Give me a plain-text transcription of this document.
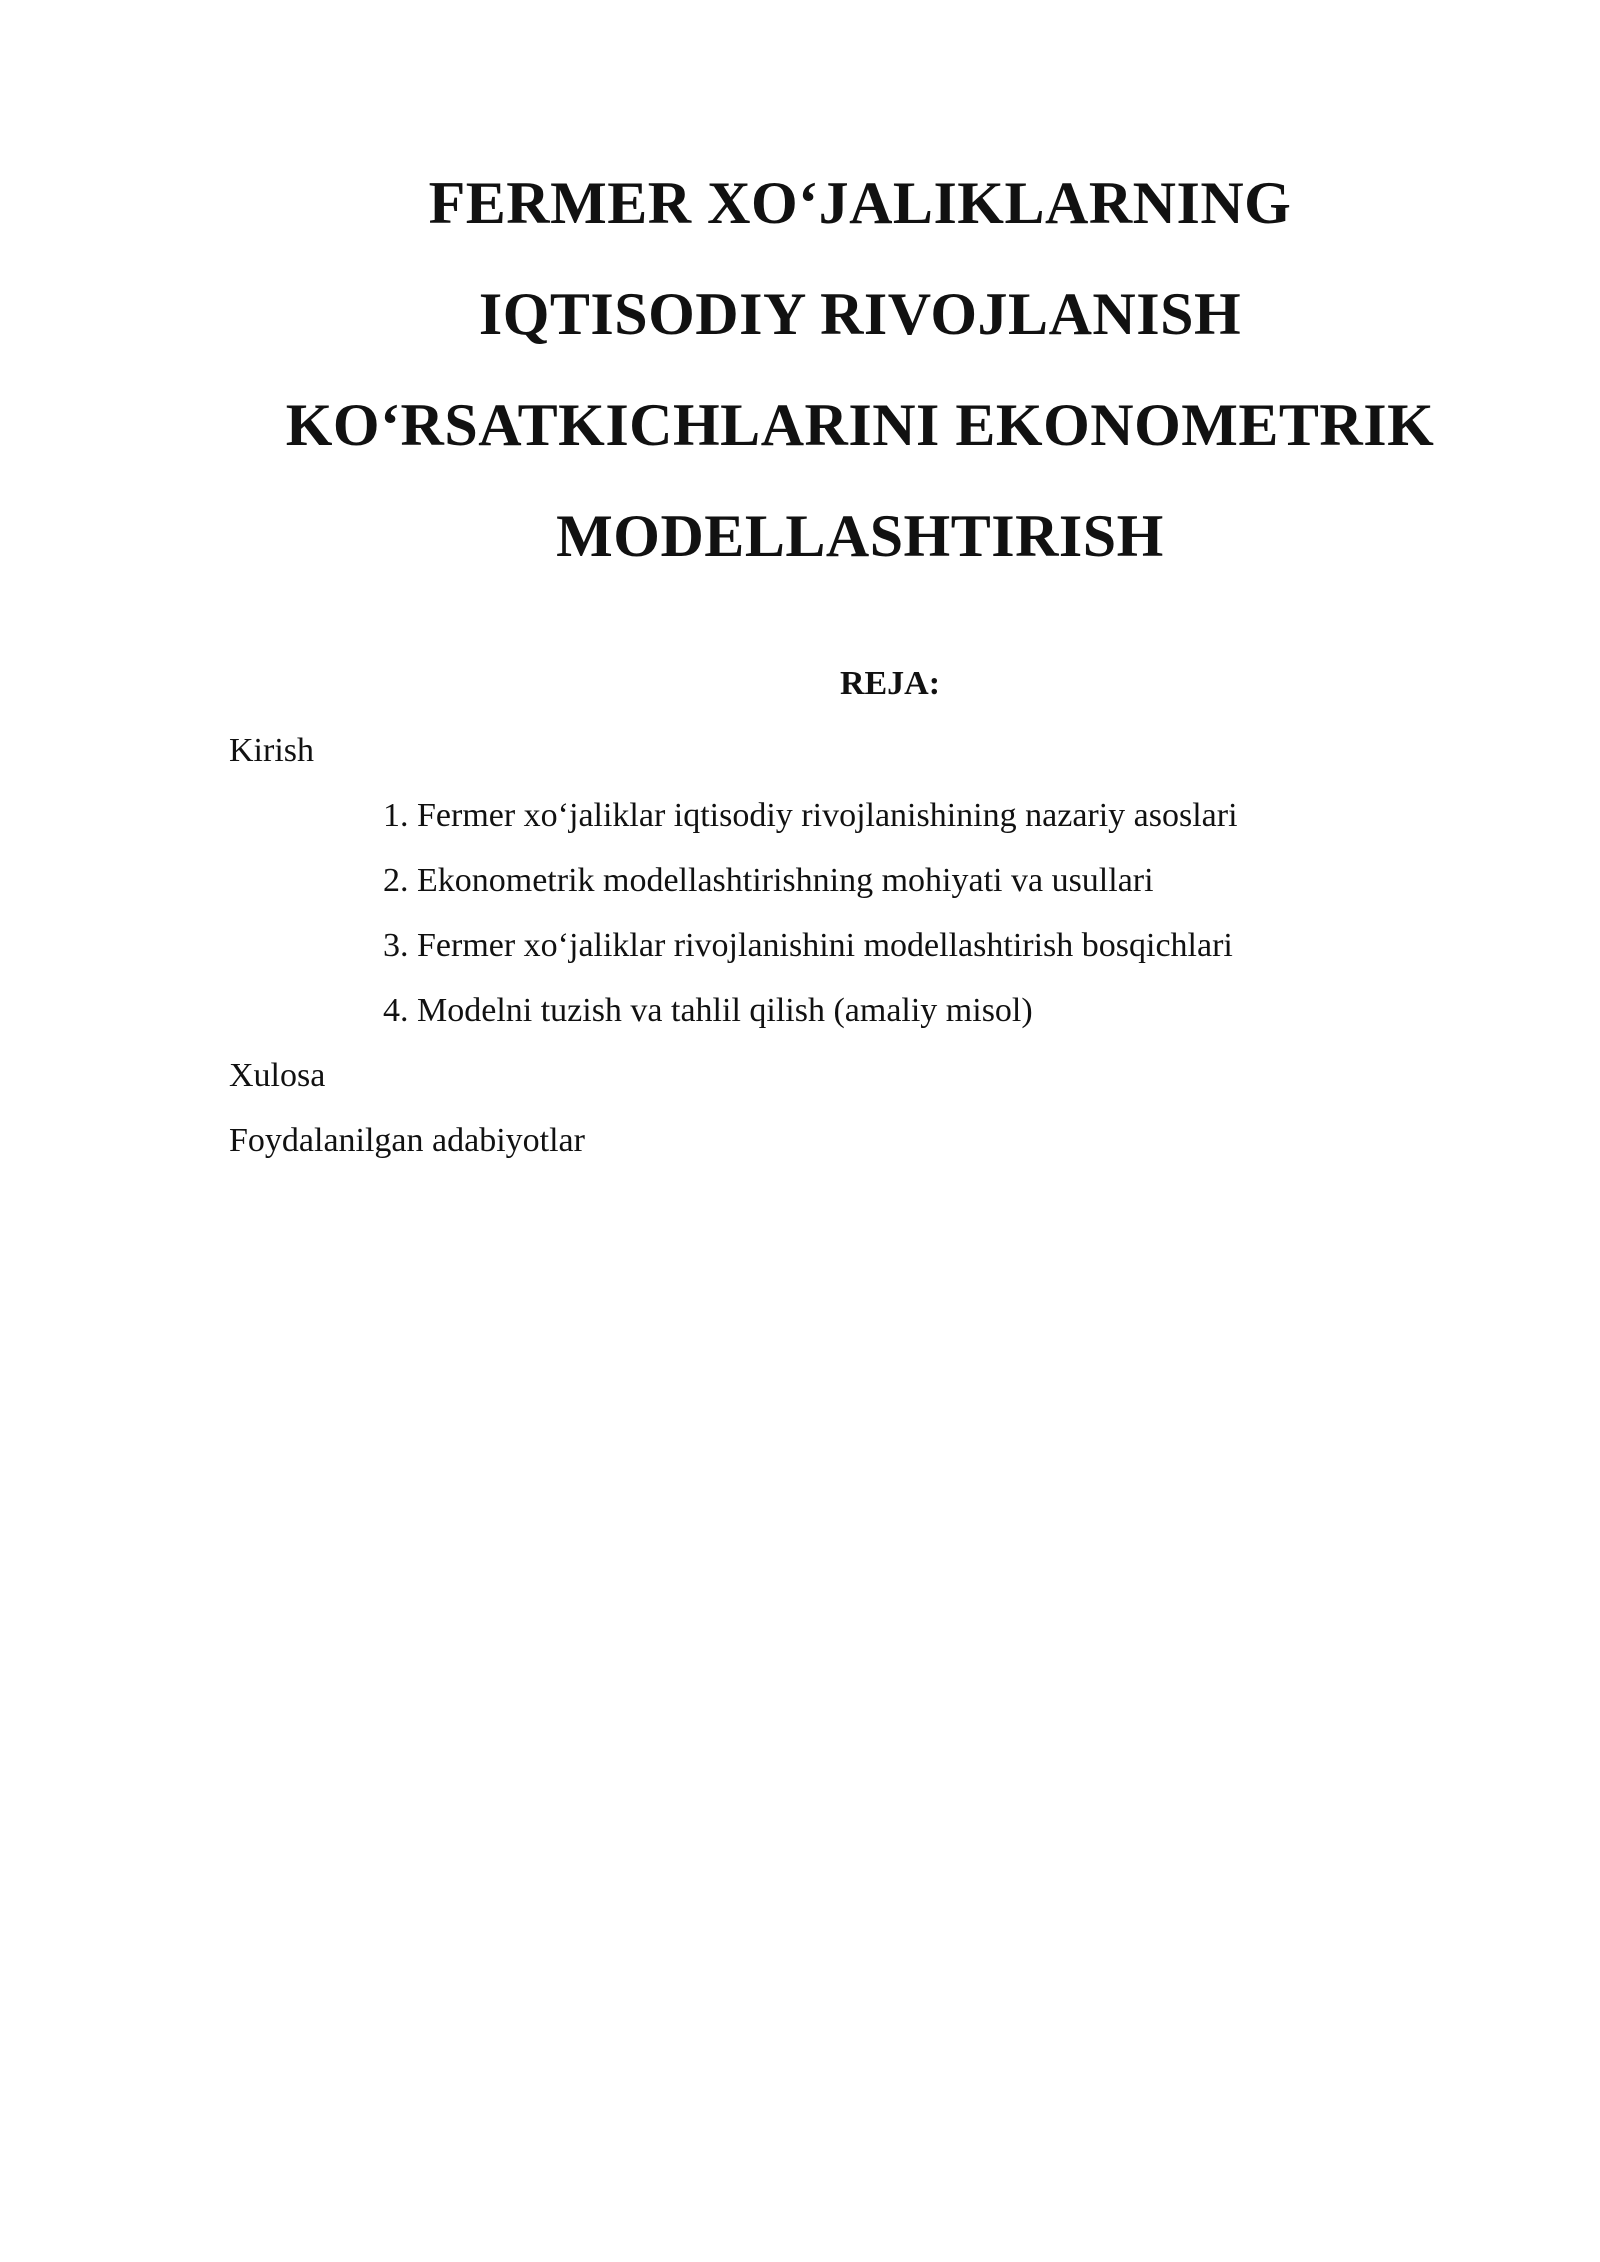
FERMER XO‘JALIKLARNING
IQTISODIY RIVOJLANISH
KO‘RSATKICHLARINI EKONOMETRIK
MODELLASHTIRISH
REJA:
Kirish
1. Fermer xo‘jaliklar iqtisodiy rivojlanishining nazariy asoslari
2. Ekonometrik modellashtirishning mohiyati va usullari
3. Fermer xo‘jaliklar rivojlanishini modellashtirish bosqichlari
4. Modelni tuzish va tahlil qilish (amaliy misol)
Xulosa
Foydalanilgan adabiyotlar
